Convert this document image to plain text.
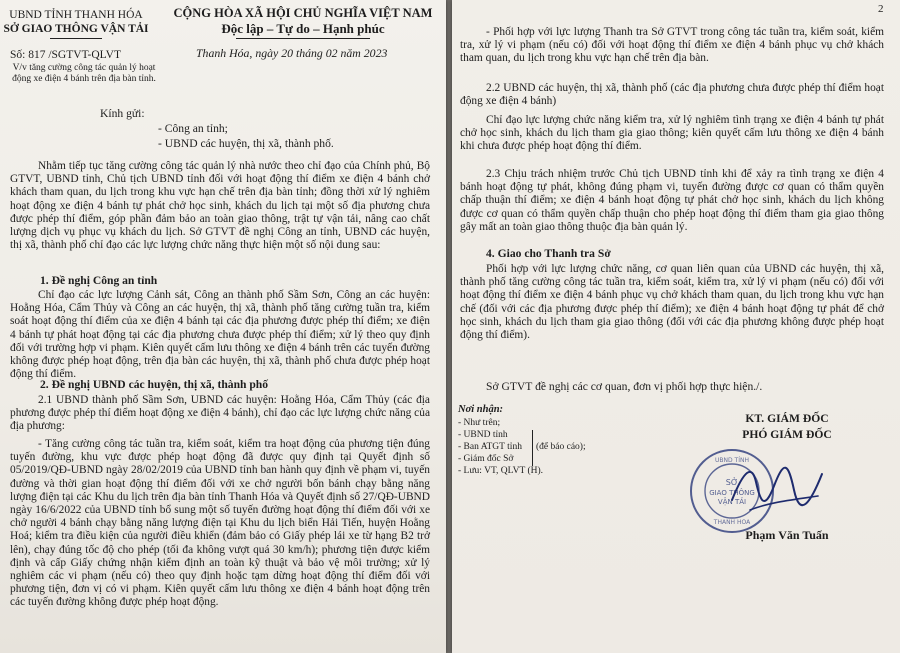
UBND TỈNH THANH HÓA

SỞ GIAO THÔNG VẬN TẢI

CỘNG HÒA XÃ HỘI CHỦ NGHĨA VIỆT NAM

Độc lập – Tự do – Hạnh phúc

Số: 817 /SGTVT-QLVT

V/v tăng cường công tác quản lý hoạt động xe điện 4 bánh trên địa bàn tỉnh.

Thanh Hóa, ngày 20 tháng 02 năm 2023

Kính gửi:

- Công an tỉnh;

- UBND các huyện, thị xã, thành phố.

Nhằm tiếp tục tăng cường công tác quản lý nhà nước theo chỉ đạo của Chính phủ, Bộ GTVT, UBND tỉnh, Chủ tịch UBND tỉnh đối với hoạt động thí điểm xe điện 4 bánh chở khách tham quan, du lịch trong khu vực hạn chế trên địa bàn tỉnh; đồng thời xử lý nghiêm hoạt động xe điện 4 bánh tự phát chở học sinh, khách du lịch tại một số địa phương chưa được phép thí điểm, góp phần đảm bảo an toàn giao thông, trật tự vận tải, nâng cao chất lượng dịch vụ phục vụ khách du lịch. Sở GTVT đề nghị Công an tỉnh, UBND các huyện, thị xã, thành phố chỉ đạo các lực lượng chức năng thực hiện một số nội dung sau:

1. Đề nghị Công an tỉnh

Chỉ đạo các lực lượng Cảnh sát, Công an thành phố Sầm Sơn, Công an các huyện: Hoằng Hóa, Cẩm Thủy và Công an các huyện, thị xã, thành phố tăng cường tuần tra, kiểm soát hoạt động thí điểm của xe điện 4 bánh tại các địa phương được phép thí điểm; xe điện 4 bánh tự phát hoạt động tại các địa phương chưa được phép thí điểm; xử lý theo quy định đối với trường hợp vi phạm. Kiên quyết cấm lưu thông xe điện 4 bánh trên các tuyến đường không được phép hoạt động, trên địa bàn các huyện, thị xã, thành phố chưa được phép hoạt động thí điểm.

2. Đề nghị UBND các huyện, thị xã, thành phố

2.1 UBND thành phố Sầm Sơn, UBND các huyện: Hoằng Hóa, Cẩm Thủy (các địa phương được phép thí điểm hoạt động xe điện 4 bánh), chỉ đạo các lực lượng chức năng của địa phương:

- Tăng cường công tác tuần tra, kiểm soát, kiểm tra hoạt động của phương tiện đúng tuyến đường, khu vực được phép hoạt động đã được quy định tại Quyết định số 05/2019/QĐ-UBND ngày 28/02/2019 của UBND tỉnh ban hành quy định về phạm vi, tuyến đường và thời gian hoạt động thí điểm đối với xe chở người bốn bánh chạy bằng năng lượng điện tại các Khu du lịch trên địa bàn tỉnh Thanh Hóa và Quyết định số 27/QĐ-UBND ngày 16/6/2022 của UBND tỉnh bổ sung một số tuyến đường hoạt động thí điểm đối với xe chở người 4 bánh chạy bằng năng lượng điện tại Khu du lịch biển Hải Tiến, huyện Hoằng Hoá; kiểm tra điều kiện của người điều khiển (đảm bảo có Giấy phép lái xe từ hạng B2 trở lên), chạy đúng tốc độ cho phép (tối đa không vượt quá 30 km/h); phương tiện được kiểm định và cấp Giấy chứng nhận kiểm định an toàn kỹ thuật và bảo vệ môi trường; xử lý nghiêm các vi phạm (nếu có) theo quy định hoặc tạm dừng hoạt động thí điểm đối với phương tiện, đơn vị có vi phạm. Kiên quyết cấm lưu thông xe điện 4 bánh hoạt động trên các tuyến đường không được phép hoạt động.

2

- Phối hợp với lực lượng Thanh tra Sở GTVT trong công tác tuần tra, kiểm soát, kiểm tra, xử lý vi phạm (nếu có) đối với hoạt động thí điểm xe điện 4 bánh phục vụ chở khách tham quan, du lịch trong khu vực hạn chế trên địa bàn.

2.2 UBND các huyện, thị xã, thành phố (các địa phương chưa được phép thí điểm hoạt động xe điện 4 bánh)

Chỉ đạo lực lượng chức năng kiểm tra, xử lý nghiêm tình trạng xe điện 4 bánh tự phát chở học sinh, khách du lịch tham gia giao thông; kiên quyết cấm lưu thông xe điện 4 bánh khi chưa được phép hoạt động thí điểm.

2.3 Chịu trách nhiệm trước Chủ tịch UBND tỉnh khi để xảy ra tình trạng xe điện 4 bánh hoạt động tự phát, không đúng phạm vi, tuyến đường được cơ quan có thẩm quyền chấp thuận thí điểm; xe điện 4 bánh hoạt động tự phát chở học sinh, khách du lịch không được cơ quan có thẩm quyền chấp thuận cho phép hoạt động thí điểm tham gia giao thông gây mất an toàn giao thông thuộc địa bàn quản lý.

4. Giao cho Thanh tra Sở

Phối hợp với lực lượng chức năng, cơ quan liên quan của UBND các huyện, thị xã, thành phố tăng cường công tác tuần tra, kiểm soát, kiểm tra, xử lý vi phạm (nếu có) đối với hoạt động thí điểm xe điện 4 bánh phục vụ chở khách tham quan, du lịch trong khu vực hạn chế (đối với các địa phương được phép thí điểm); xe điện 4 bánh hoạt động tự phát để chở học sinh, khách du lịch tham gia giao thông (đối với các địa phương không được phép hoạt động thí điểm).

Sở GTVT đề nghị các cơ quan, đơn vị phối hợp thực hiện./.

Nơi nhận:

- Như trên;

- UBND tỉnh

- Ban ATGT tỉnh

- Giám đốc Sở

(để báo cáo);

- Lưu: VT, QLVT (H).

KT. GIÁM ĐỐC

PHÓ GIÁM ĐỐC

SỞ
GIAO THÔNG
VẬN TẢI
THANH HÓA
UBND TỈNH

Phạm Văn Tuấn
